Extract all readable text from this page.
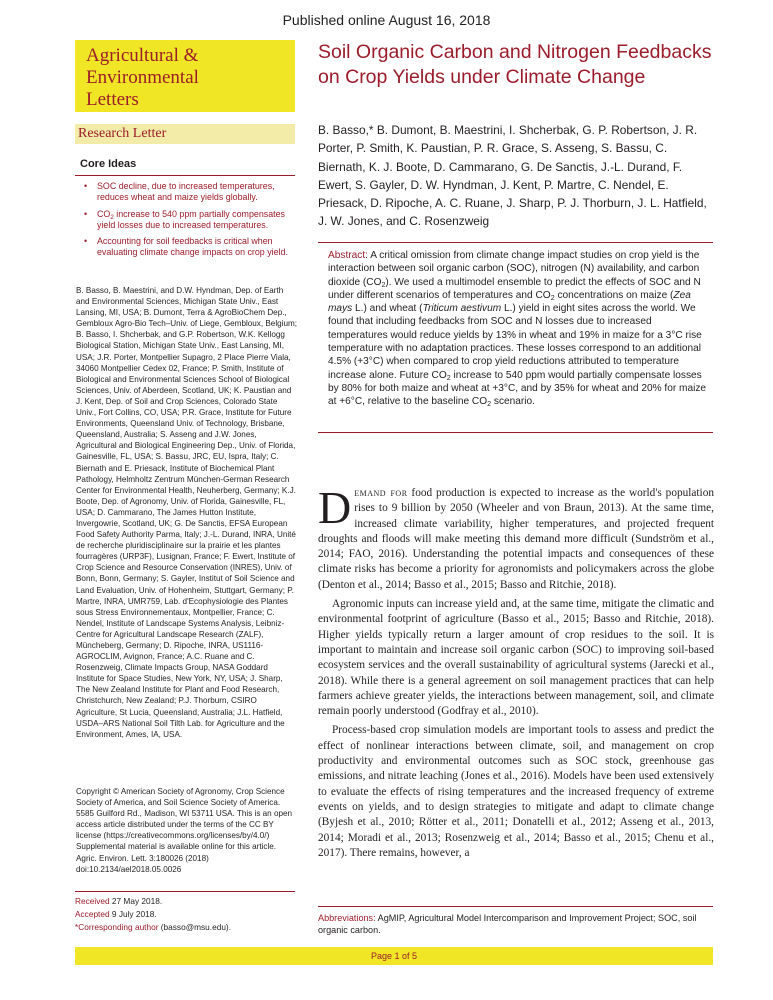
Published online August 16, 2018
Agricultural &
Environmental
Letters
Research Letter
Core Ideas
• SOC decline, due to increased temperatures, reduces wheat and maize yields globally.
• $CO_2$ increase to 540 ppm partially compensates yield losses due to increased temperatures.
• Accounting for soil feedbacks is critical when evaluating climate change impacts on crop yield.
B. Basso, B. Maestrini, and D.W. Hyndman, Dep. of Earth and Environmental Sciences, Michigan State Univ., East Lansing, MI, USA; B. Dumont, Terra & AgroBioChem Dep., Gembloux Agro-Bio Tech–Univ. of Liege, Gembloux, Belgium; B. Basso, I. Shcherbak, and G.P. Robertson, W.K. Kellogg Biological Station, Michigan State Univ., East Lansing, MI, USA; J.R. Porter, Montpellier Supagro, 2 Place Pierre Viala, 34060 Montpellier Cedex 02, France; P. Smith, Institute of Biological and Environmental Sciences School of Biological Sciences, Univ. of Aberdeen, Scotland, UK; K. Paustian and J. Kent, Dep. of Soil and Crop Sciences, Colorado State Univ., Fort Collins, CO, USA; P.R. Grace, Institute for Future Environments, Queensland Univ. of Technology, Brisbane, Queensland, Australia; S. Asseng and J.W. Jones, Agricultural and Biological Engineering Dep., Univ. of Florida, Gainesville, FL, USA; S. Bassu, JRC, EU, Ispra, Italy; C. Biernath and E. Priesack, Institute of Biochemical Plant Pathology, Helmholtz Zentrum München-German Research Center for Environmental Health, Neuherberg, Germany; K.J. Boote, Dep. of Agronomy, Univ. of Florida, Gainesville, FL, USA; D. Cammarano, The James Hutton Institute, Invergowrie, Scotland, UK; G. De Sanctis, EFSA European Food Safety Authority Parma, Italy; J.-L. Durand, INRA, Unité de recherche pluridisciplinaire sur la prairie et les plantes fourragères (URP3F), Lusignan, France; F. Ewert, Institute of Crop Science and Resource Conservation (INRES), Univ. of Bonn, Bonn, Germany; S. Gayler, Institut of Soil Science and Land Evaluation, Univ. of Hohenheim, Stuttgart, Germany; P. Martre, INRA, UMR759, Lab. d'Ecophysiologie des Plantes sous Stress Environnementaux, Montpellier, France; C. Nendel, Institute of Landscape Systems Analysis, Leibniz-Centre for Agricultural Landscape Research (ZALF), Müncheberg, Germany; D. Ripoche, INRA, US1116-AGROCLIM, Avignon, France; A.C. Ruane and C. Rosenzweig, Climate Impacts Group, NASA Goddard Institute for Space Studies, New York, NY, USA; J. Sharp, The New Zealand Institute for Plant and Food Research, Christchurch, New Zealand; P.J. Thorburn, CSIRO Agriculture, St Lucia, Queensland, Australia; J.L. Hatfield, USDA–ARS National Soil Tilth Lab. for Agriculture and the Environment, Ames, IA, USA.
Copyright © American Society of Agronomy, Crop Science Society of America, and Soil Science Society of America. 5585 Guilford Rd., Madison, WI 53711 USA. This is an open access article distributed under the terms of the CC BY license (https://creativecommons.org/licenses/by/4.0/)
Supplemental material is available online for this article.
Agric. Environ. Lett. 3:180026 (2018)
doi:10.2134/ael2018.05.0026
Received 27 May 2018.
Accepted 9 July 2018.
*Corresponding author (basso@msu.edu).
Soil Organic Carbon and Nitrogen Feedbacks
on Crop Yields under Climate Change
B. Basso,* B. Dumont, B. Maestrini, I. Shcherbak, G. P. Robertson, J. R. Porter, P. Smith, K. Paustian, P. R. Grace, S. Asseng, S. Bassu, C. Biernath, K. J. Boote, D. Cammarano, G. De Sanctis, J.-L. Durand, F. Ewert, S. Gayler, D. W. Hyndman, J. Kent, P. Martre, C. Nendel, E. Priesack, D. Ripoche, A. C. Ruane, J. Sharp, P. J. Thorburn, J. L. Hatfield, J. W. Jones, and C. Rosenzweig
Abstract: A critical omission from climate change impact studies on crop yield is the interaction between soil organic carbon (SOC), nitrogen (N) availability, and carbon dioxide $(CO_2)$. We used a multimodel ensemble to predict the effects of SOC and N under different scenarios of temperatures and $CO_2$ concentrations on maize (Zea mays L.) and wheat (Triticum aestivum L.) yield in eight sites across the world. We found that including feedbacks from SOC and N losses due to increased temperatures would reduce yields by 13% in wheat and 19% in maize for a 3°C rise temperature with no adaptation practices. These losses correspond to an additional 4.5% (+3°C) when compared to crop yield reductions attributed to temperature increase alone. Future $CO_2$ increase to 540 ppm would partially compensate losses by 80% for both maize and wheat at +3°C, and by 35% for wheat and 20% for maize at +6°C, relative to the baseline $CO_2$ scenario.

Demand for food production is expected to increase as the world's population rises to 9 billion by 2050 (Wheeler and von Braun, 2013). At the same time, increased climate variability, higher temperatures, and projected frequent droughts and floods will make meeting this demand more difficult (Sundström et al., 2014; FAO, 2016). Understanding the potential impacts and consequences of these climate risks has become a priority for agronomists and policymakers across the globe (Denton et al., 2014; Basso et al., 2015; Basso and Ritchie, 2018).

Agronomic inputs can increase yield and, at the same time, mitigate the climatic and environmental footprint of agriculture (Basso et al., 2015; Basso and Ritchie, 2018). Higher yields typically return a larger amount of crop residues to the soil. It is important to maintain and increase soil organic carbon (SOC) to improving soil-based ecosystem services and the overall sustainability of agricultural systems (Jarecki et al., 2018). While there is a general agreement on soil management practices that can help farmers achieve greater yields, the interactions between management, soil, and climate remain poorly understood (Godfray et al., 2010).

Process-based crop simulation models are important tools to assess and predict the effect of nonlinear interactions between climate, soil, and management on crop productivity and environmental outcomes such as SOC stock, greenhouse gas emissions, and nitrate leaching (Jones et al., 2016). Models have been used extensively to evaluate the effects of rising temperatures and the increased frequency of extreme events on yields, and to design strategies to mitigate and adapt to climate change (Byjesh et al., 2010; Rötter et al., 2011; Donatelli et al., 2012; Asseng et al., 2013, 2014; Moradi et al., 2013; Rosenzweig et al., 2014; Basso et al., 2015; Chenu et al., 2017). There remains, however, a

Abbreviations: AgMIP, Agricultural Model Intercomparison and Improvement Project; SOC, soil organic carbon.
Page 1 of 5
